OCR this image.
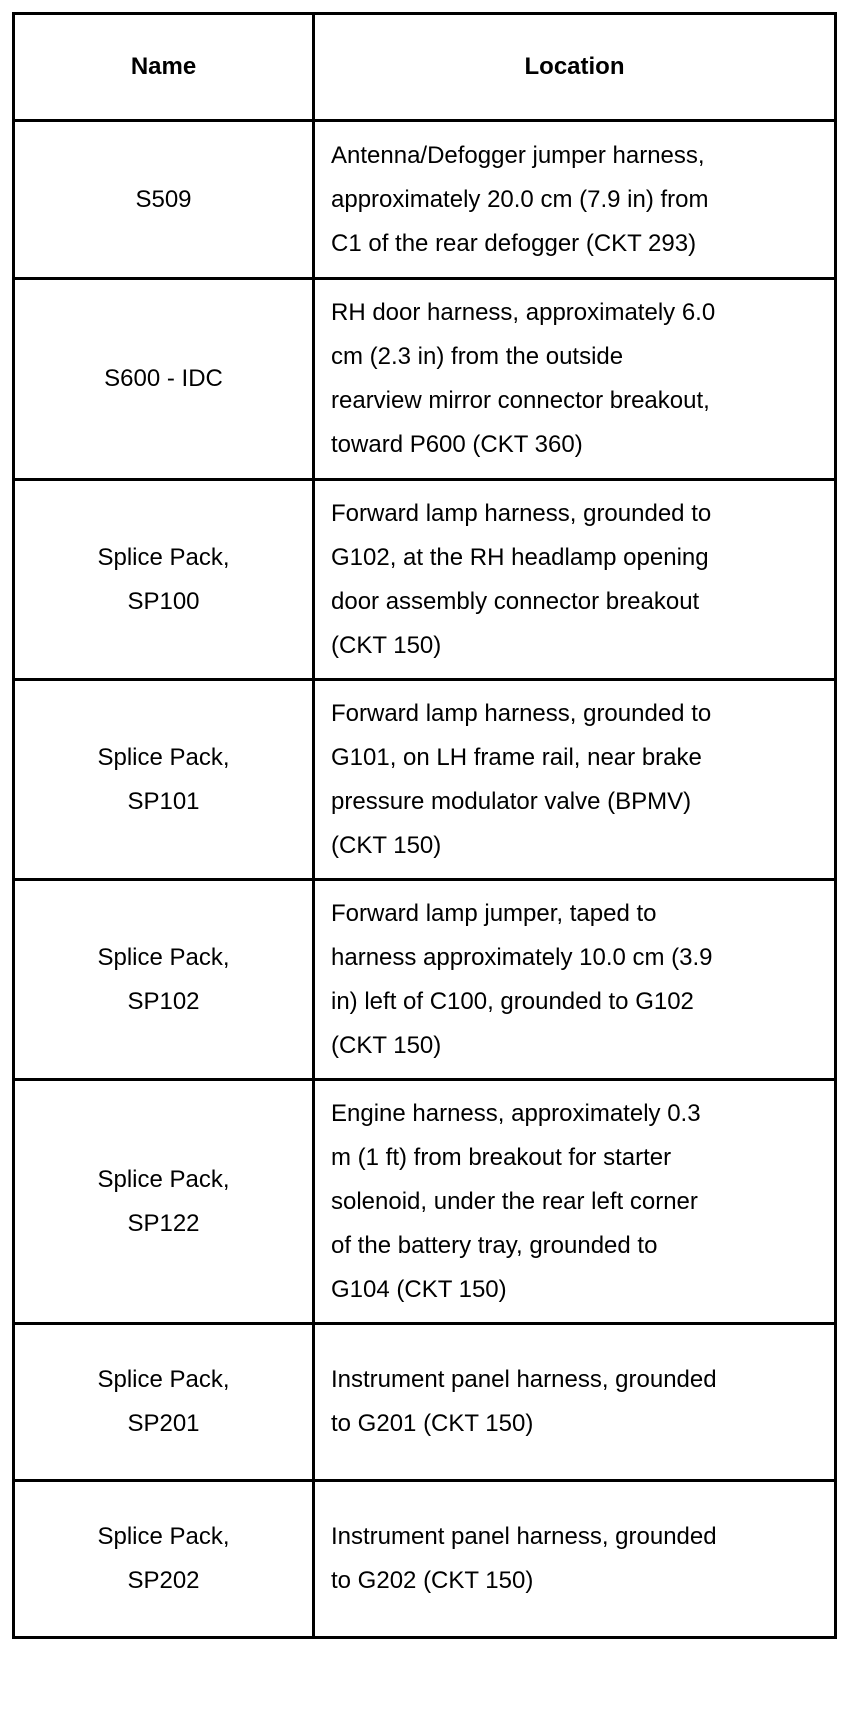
Name	Location

S509	Antenna/Defogger jumper harness,
approximately 20.0 cm (7.9 in) from
C1 of the rear defogger (CKT 293)

S600 - IDC	RH door harness, approximately 6.0
cm (2.3 in) from the outside
rearview mirror connector breakout,
toward P600 (CKT 360)

Splice Pack,
SP100	Forward lamp harness, grounded to
G102, at the RH headlamp opening
door assembly connector breakout
(CKT 150)

Splice Pack,
SP101	Forward lamp harness, grounded to
G101, on LH frame rail, near brake
pressure modulator valve (BPMV)
(CKT 150)

Splice Pack,
SP102	Forward lamp jumper, taped to
harness approximately 10.0 cm (3.9
in) left of C100, grounded to G102
(CKT 150)

Splice Pack,
SP122	Engine harness, approximately 0.3
m (1 ft) from breakout for starter
solenoid, under the rear left corner
of the battery tray, grounded to
G104 (CKT 150)

Splice Pack,
SP201	Instrument panel harness, grounded
to G201 (CKT 150)

Splice Pack,
SP202	Instrument panel harness, grounded
to G202 (CKT 150)
